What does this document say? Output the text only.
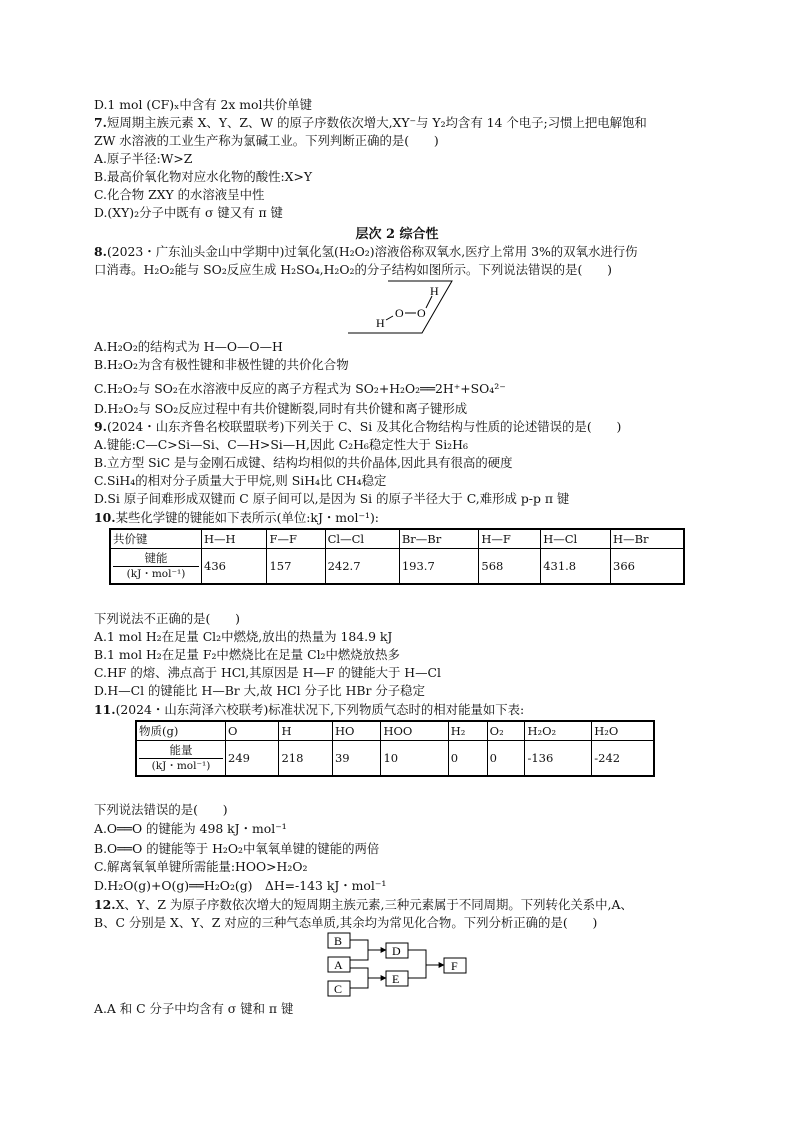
D.1 mol (CF)ₓ中含有 2x mol共价单键
7.短周期主族元素 X、Y、Z、W 的原子序数依次增大,XY⁻与 Y₂均含有 14 个电子;习惯上把电解饱和
ZW 水溶液的工业生产称为氯碱工业。下列判断正确的是(　　)
A.原子半径:W>Z
B.最高价氧化物对应水化物的酸性:X>Y
C.化合物 ZXY 的水溶液呈中性
D.(XY)₂分子中既有 σ 键又有 π 键
层次 2 综合性
8.(2023・广东汕头金山中学期中)过氧化氢(H₂O₂)溶液俗称双氧水,医疗上常用 3%的双氧水进行伤
口消毒。H₂O₂能与 SO₂反应生成 H₂SO₄,H₂O₂的分子结构如图所示。下列说法错误的是(　　)
H
O
O
H
A.H₂O₂的结构式为 H—O—O—H
B.H₂O₂为含有极性键和非极性键的共价化合物
C.H₂O₂与 SO₂在水溶液中反应的离子方程式为 SO₂+H₂O₂══2H⁺+SO₄²⁻
D.H₂O₂与 SO₂反应过程中有共价键断裂,同时有共价键和离子键形成
9.(2024・山东齐鲁名校联盟联考)下列关于 C、Si 及其化合物结构与性质的论述错误的是(　　)
A.键能:C—C>Si—Si、C—H>Si—H,因此 C₂H₆稳定性大于 Si₂H₆
B.立方型 SiC 是与金刚石成键、结构均相似的共价晶体,因此具有很高的硬度
C.SiH₄的相对分子质量大于甲烷,则 SiH₄比 CH₄稳定
D.Si 原子间难形成双键而 C 原子间可以,是因为 Si 的原子半径大于 C,难形成 p-p π 键
10.某些化学键的键能如下表所示(单位:kJ・mol⁻¹):
共价键	H—H	F—F	Cl—Cl	Br—Br	H—F	H—Cl	H—Br

键能
(kJ・mol⁻¹)	436	157	242.7	193.7	568	431.8	366
下列说法不正确的是(　　)
A.1 mol H₂在足量 Cl₂中燃烧,放出的热量为 184.9 kJ
B.1 mol H₂在足量 F₂中燃烧比在足量 Cl₂中燃烧放热多
C.HF 的熔、沸点高于 HCl,其原因是 H—F 的键能大于 H—Cl
D.H—Cl 的键能比 H—Br 大,故 HCl 分子比 HBr 分子稳定
11.(2024・山东菏泽六校联考)标准状况下,下列物质气态时的相对能量如下表:
物质(g)	O	H	HO	HOO	H₂	O₂	H₂O₂	H₂O

能量
(kJ・mol⁻¹)	249	218	39	10	0	0	-136	-242
下列说法错误的是(　　)
A.O══O 的键能为 498 kJ・mol⁻¹
B.O══O 的键能等于 H₂O₂中氧氧单键的键能的两倍
C.解离氧氧单键所需能量:HOO>H₂O₂
D.H₂O(g)+O(g)══H₂O₂(g)　ΔH=-143 kJ・mol⁻¹
12.X、Y、Z 为原子序数依次增大的短周期主族元素,三种元素属于不同周期。下列转化关系中,A、
B、C 分别是 X、Y、Z 对应的三种气态单质,其余均为常见化合物。下列分析正确的是(　　)
B
A
C
D
E
F
A.A 和 C 分子中均含有 σ 键和 π 键
